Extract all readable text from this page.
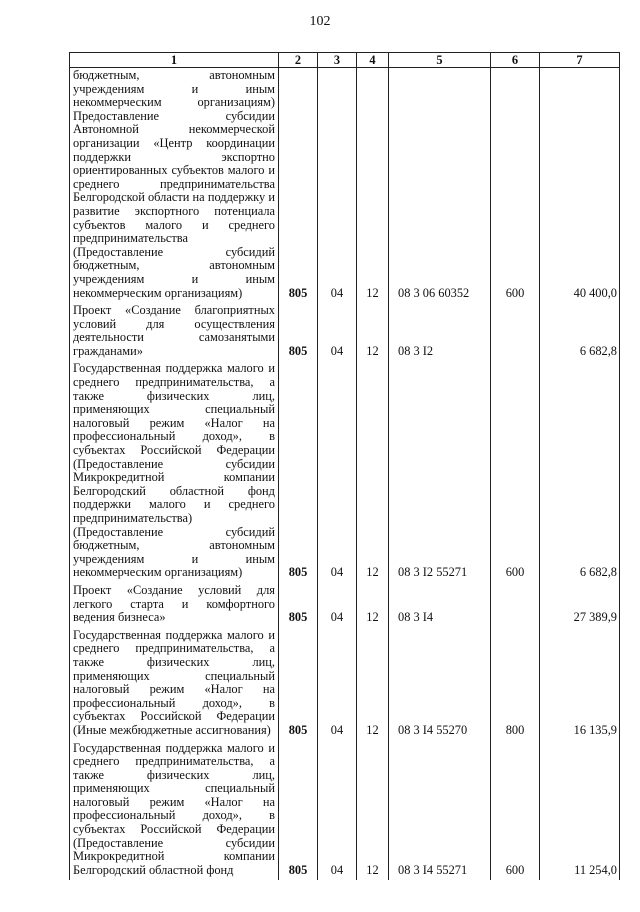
102
1	2	3	4	5	6	7
бюджетным, автономным учреждениям и иным некоммерческим организациям) Предоставление субсидии Автономной некоммерческой организации «Центр координации поддержки экспортно ориентированных субъектов малого и среднего предпринимательства Белгородской области на поддержку и развитие экспортного потенциала субъектов малого и среднего предпринимательства (Предоставление субсидий бюджетным, автономным учреждениям и иным некоммерческим организациям)	805	04	12	08 3 06 60352	600	40 400,0
Проект «Создание благоприятных условий для осуществления деятельности самозанятыми гражданами»	805	04	12	08 3 I2		6 682,8
Государственная поддержка малого и среднего предпринимательства, а также физических лиц, применяющих специальный налоговый режим «Налог на профессиональный доход», в субъектах Российской Федерации (Предоставление субсидии Микрокредитной компании Белгородский областной фонд поддержки малого и среднего предпринимательства) (Предоставление субсидий бюджетным, автономным учреждениям и иным некоммерческим организациям)	805	04	12	08 3 I2 55271	600	6 682,8
Проект «Создание условий для легкого старта и комфортного ведения бизнеса»	805	04	12	08 3 I4		27 389,9
Государственная поддержка малого и среднего предпринимательства, а также физических лиц, применяющих специальный налоговый режим «Налог на профессиональный доход», в субъектах Российской Федерации (Иные межбюджетные ассигнования)	805	04	12	08 3 I4 55270	800	16 135,9
Государственная поддержка малого и среднего предпринимательства, а также физических лиц, применяющих специальный налоговый режим «Налог на профессиональный доход», в субъектах Российской Федерации (Предоставление субсидии Микрокредитной компании Белгородский областной фонд	805	04	12	08 3 I4 55271	600	11 254,0
